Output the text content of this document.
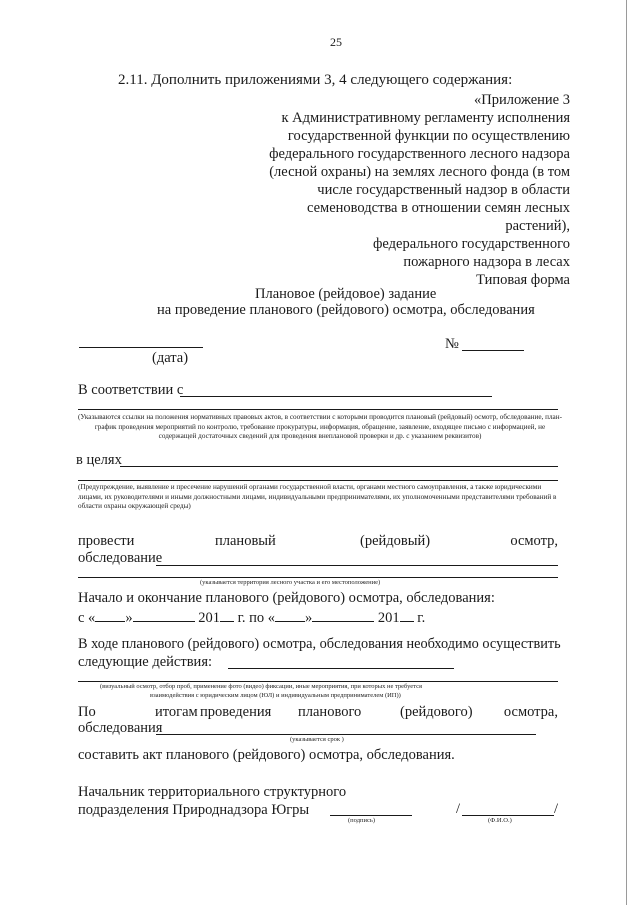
25
2.11. Дополнить приложениями 3, 4 следующего содержания:
«Приложение 3
к Административному регламенту исполнения
государственной функции по осуществлению
федерального государственного лесного надзора
(лесной охраны) на землях лесного фонда (в том
числе государственный надзор в области
семеноводства в отношении семян лесных
растений),
федерального государственного
пожарного надзора в лесах
Типовая форма
Плановое (рейдовое) задание
на проведение планового (рейдового) осмотра, обследования
(дата)
№
В соответствии с
(Указываются ссылки на положения нормативных правовых актов, в соответствии с которыми проводится плановый (рейдовый) осмотр, обследование, план-график проведения мероприятий по контролю, требование прокуратуры, информация, обращение, заявление, входящее письмо с информацией, не содержащей достаточных сведений для проведения внеплановой проверки и др. с указанием реквизитов)
в целях
(Предупреждение, выявление и пресечение нарушений органами государственной власти, органами местного самоуправления, а также юридическими лицами, их руководителями и иными должностными лицами, индивидуальными предпринимателями, их уполномоченными представителями требований в области охраны окружающей среды)
провести	плановый	(рейдовый)	осмотр,
обследование
(указывается территория лесного участка и его местоположение)
Начало и окончание планового (рейдового) осмотра, обследования:
с « »	201 г. по « »	201 г.
В ходе планового (рейдового) осмотра, обследования необходимо осуществить
следующие действия:
(визуальный осмотр, отбор проб, применение фото (видео) фиксации, иные мероприятия, при которых не требуется
взаимодействия с юридическим лицом (ЮЛ) и индивидуальным предпринимателем (ИП))
По	итогам проведения планового	(рейдового) осмотра,
обследования
(указывается срок )
составить акт планового (рейдового) осмотра, обследования.
Начальник территориального структурного
подразделения Природнадзора Югры
(подпись)
/	/
(Ф.И.О.)
